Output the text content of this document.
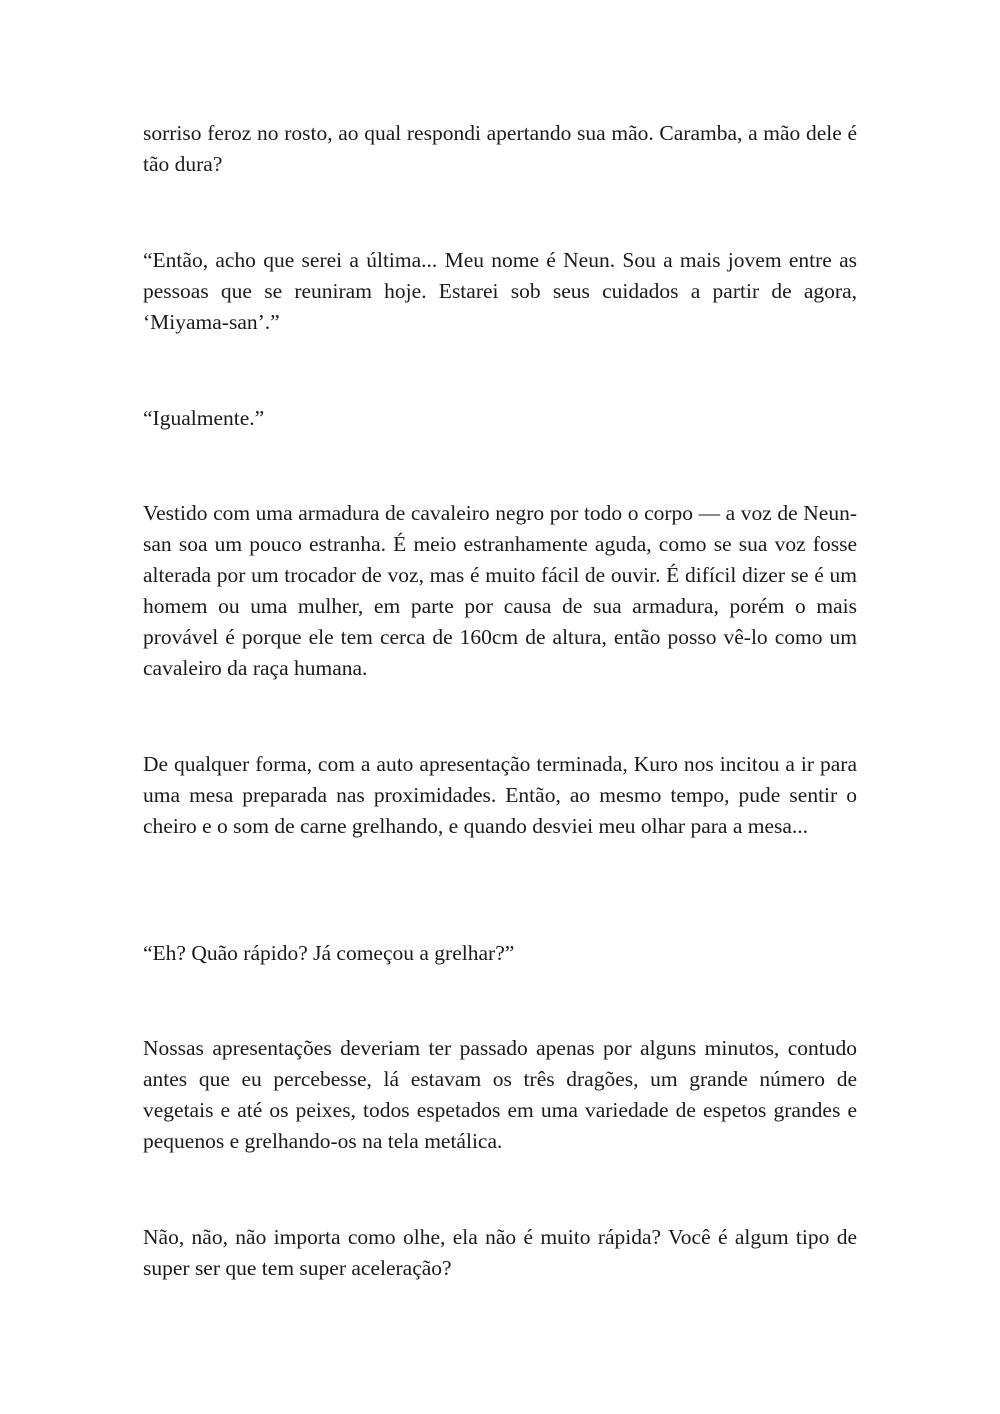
sorriso feroz no rosto, ao qual respondi apertando sua mão. Caramba, a mão dele é tão dura?

“Então, acho que serei a última... Meu nome é Neun. Sou a mais jovem entre as pessoas que se reuniram hoje. Estarei sob seus cuidados a partir de agora, ‘Miyama-san’.”

“Igualmente.”

Vestido com uma armadura de cavaleiro negro por todo o corpo — a voz de Neun-san soa um pouco estranha. É meio estranhamente aguda, como se sua voz fosse alterada por um trocador de voz, mas é muito fácil de ouvir. É difícil dizer se é um homem ou uma mulher, em parte por causa de sua armadura, porém o mais provável é porque ele tem cerca de 160cm de altura, então posso vê-lo como um cavaleiro da raça humana.

De qualquer forma, com a auto apresentação terminada, Kuro nos incitou a ir para uma mesa preparada nas proximidades. Então, ao mesmo tempo, pude sentir o cheiro e o som de carne grelhando, e quando desviei meu olhar para a mesa...

“Eh? Quão rápido? Já começou a grelhar?”

Nossas apresentações deveriam ter passado apenas por alguns minutos, contudo antes que eu percebesse, lá estavam os três dragões, um grande número de vegetais e até os peixes, todos espetados em uma variedade de espetos grandes e pequenos e grelhando-os na tela metálica.

Não, não, não importa como olhe, ela não é muito rápida? Você é algum tipo de super ser que tem super aceleração?
